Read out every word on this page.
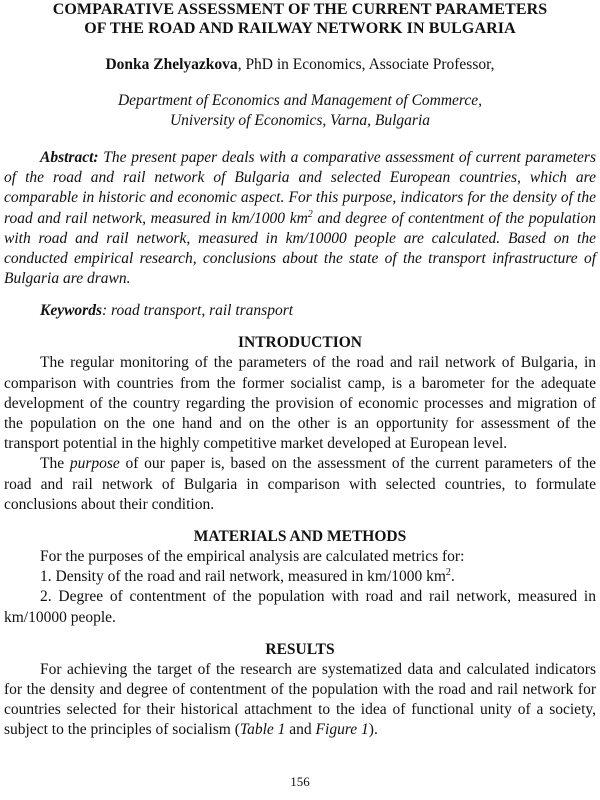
COMPARATIVE ASSESSMENT OF THE CURRENT PARAMETERS
OF THE ROAD AND RAILWAY NETWORK IN BULGARIA

Donka Zhelyazkova, PhD in Economics, Associate Professor,

Department of Economics and Management of Commerce,
University of Economics, Varna, Bulgaria

Abstract: The present paper deals with a comparative assessment of current parameters of the road and rail network of Bulgaria and selected European countries, which are comparable in historic and economic aspect. For this purpose, indicators for the density of the road and rail network, measured in km/1000 $km^2$ and degree of contentment of the population with road and rail network, measured in km/10000 people are calculated. Based on the conducted empirical research, conclusions about the state of the transport infrastructure of Bulgaria are drawn.

Keywords: road transport, rail transport

INTRODUCTION

The regular monitoring of the parameters of the road and rail network of Bulgaria, in comparison with countries from the former socialist camp, is a barometer for the adequate development of the country regarding the provision of economic processes and migration of the population on the one hand and on the other is an opportunity for assessment of the transport potential in the highly competitive market developed at European level.

The purpose of our paper is, based on the assessment of the current parameters of the road and rail network of Bulgaria in comparison with selected countries, to formulate conclusions about their condition.

MATERIALS AND METHODS

For the purposes of the empirical analysis are calculated metrics for:

1. Density of the road and rail network, measured in km/1000 $km^2$.

2. Degree of contentment of the population with road and rail network, measured in km/10000 people.

RESULTS

For achieving the target of the research are systematized data and calculated indicators for the density and degree of contentment of the population with the road and rail network for countries selected for their historical attachment to the idea of functional unity of a society, subject to the principles of socialism (Table 1 and Figure 1).

156
